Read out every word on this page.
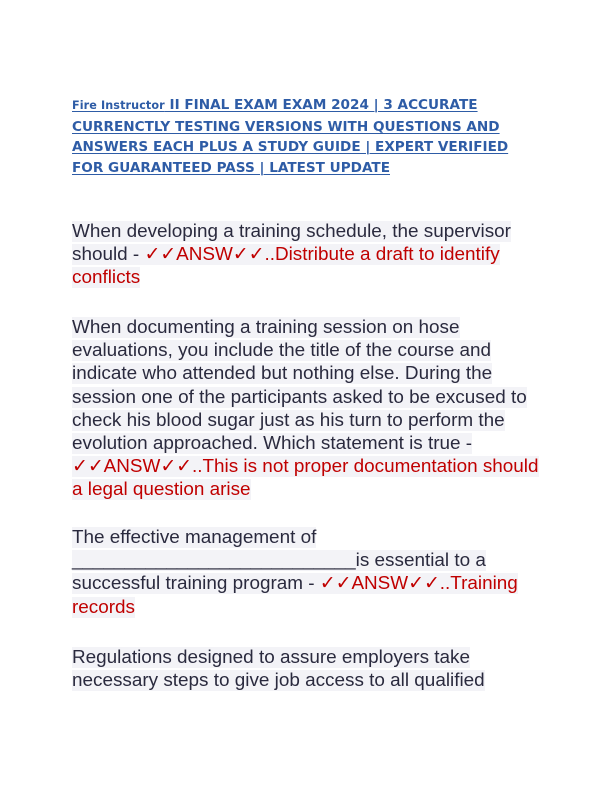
Fire Instructor II FINAL EXAM EXAM 2024 | 3 ACCURATE CURRENCTLY TESTING VERSIONS WITH QUESTIONS AND ANSWERS EACH PLUS A STUDY GUIDE | EXPERT VERIFIED FOR GUARANTEED PASS | LATEST UPDATE
When developing a training schedule, the supervisor should - ✓✓ANSW✓✓..Distribute a draft to identify conflicts
When documenting a training session on hose evaluations, you include the title of the course and indicate who attended but nothing else. During the session one of the participants asked to be excused to check his blood sugar just as his turn to perform the evolution approached. Which statement is true - ✓✓ANSW✓✓..This is not proper documentation should a legal question arise
The effective management of ___________________________is essential to a successful training program - ✓✓ANSW✓✓..Training records
Regulations designed to assure employers take necessary steps to give job access to all qualified
